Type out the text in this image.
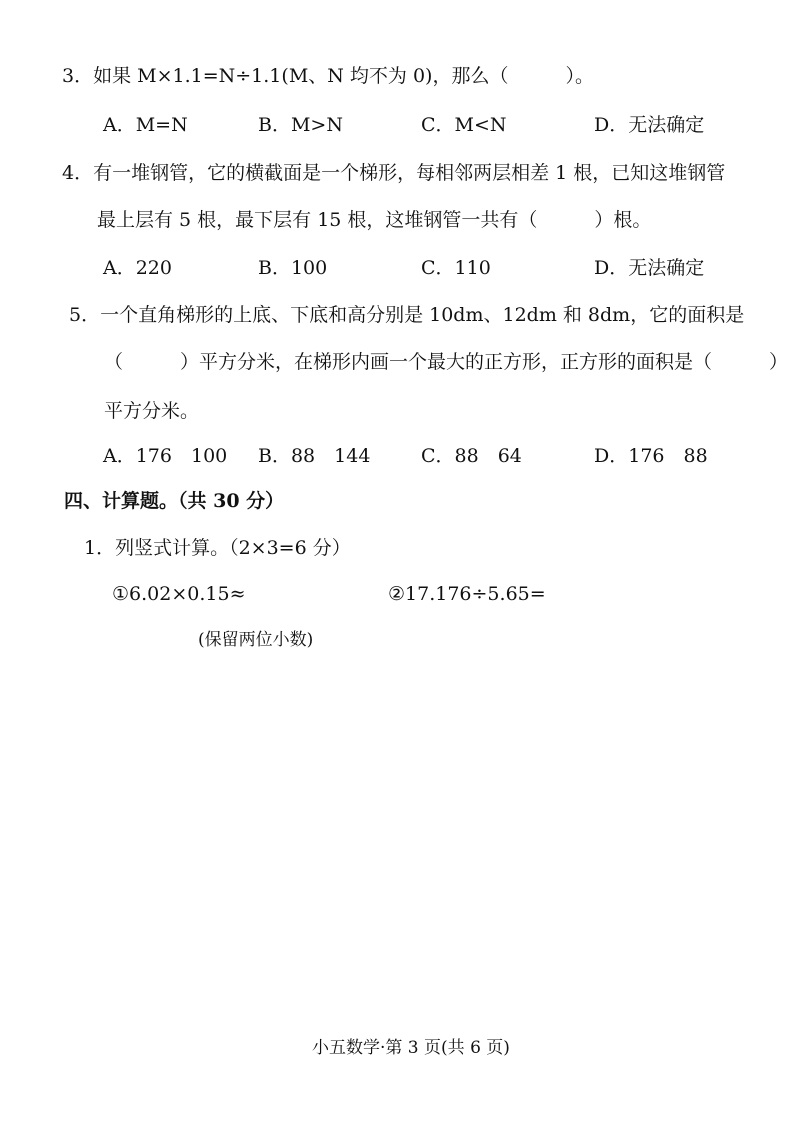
3．如果 M×1.1=N÷1.1(M、N 均不为 0)，那么（　　　）。
A．M=N	B．M>N	C．M<N	D．无法确定
4．有一堆钢管，它的横截面是一个梯形，每相邻两层相差 1 根，已知这堆钢管
最上层有 5 根，最下层有 15 根，这堆钢管一共有（　　　）根。
A．220	B．100	C．110	D．无法确定
5．一个直角梯形的上底、下底和高分别是 10dm、12dm 和 8dm，它的面积是
（　　　）平方分米，在梯形内画一个最大的正方形，正方形的面积是（　　　）
平方分米。
A．176　100 B．88　144	C．88　64	D．176　88
四、计算题。（共 30 分）
1．列竖式计算。（2×3=6 分）
①6.02×0.15≈	②17.176÷5.65=
(保留两位小数)
小五数学·第 3 页(共 6 页)
